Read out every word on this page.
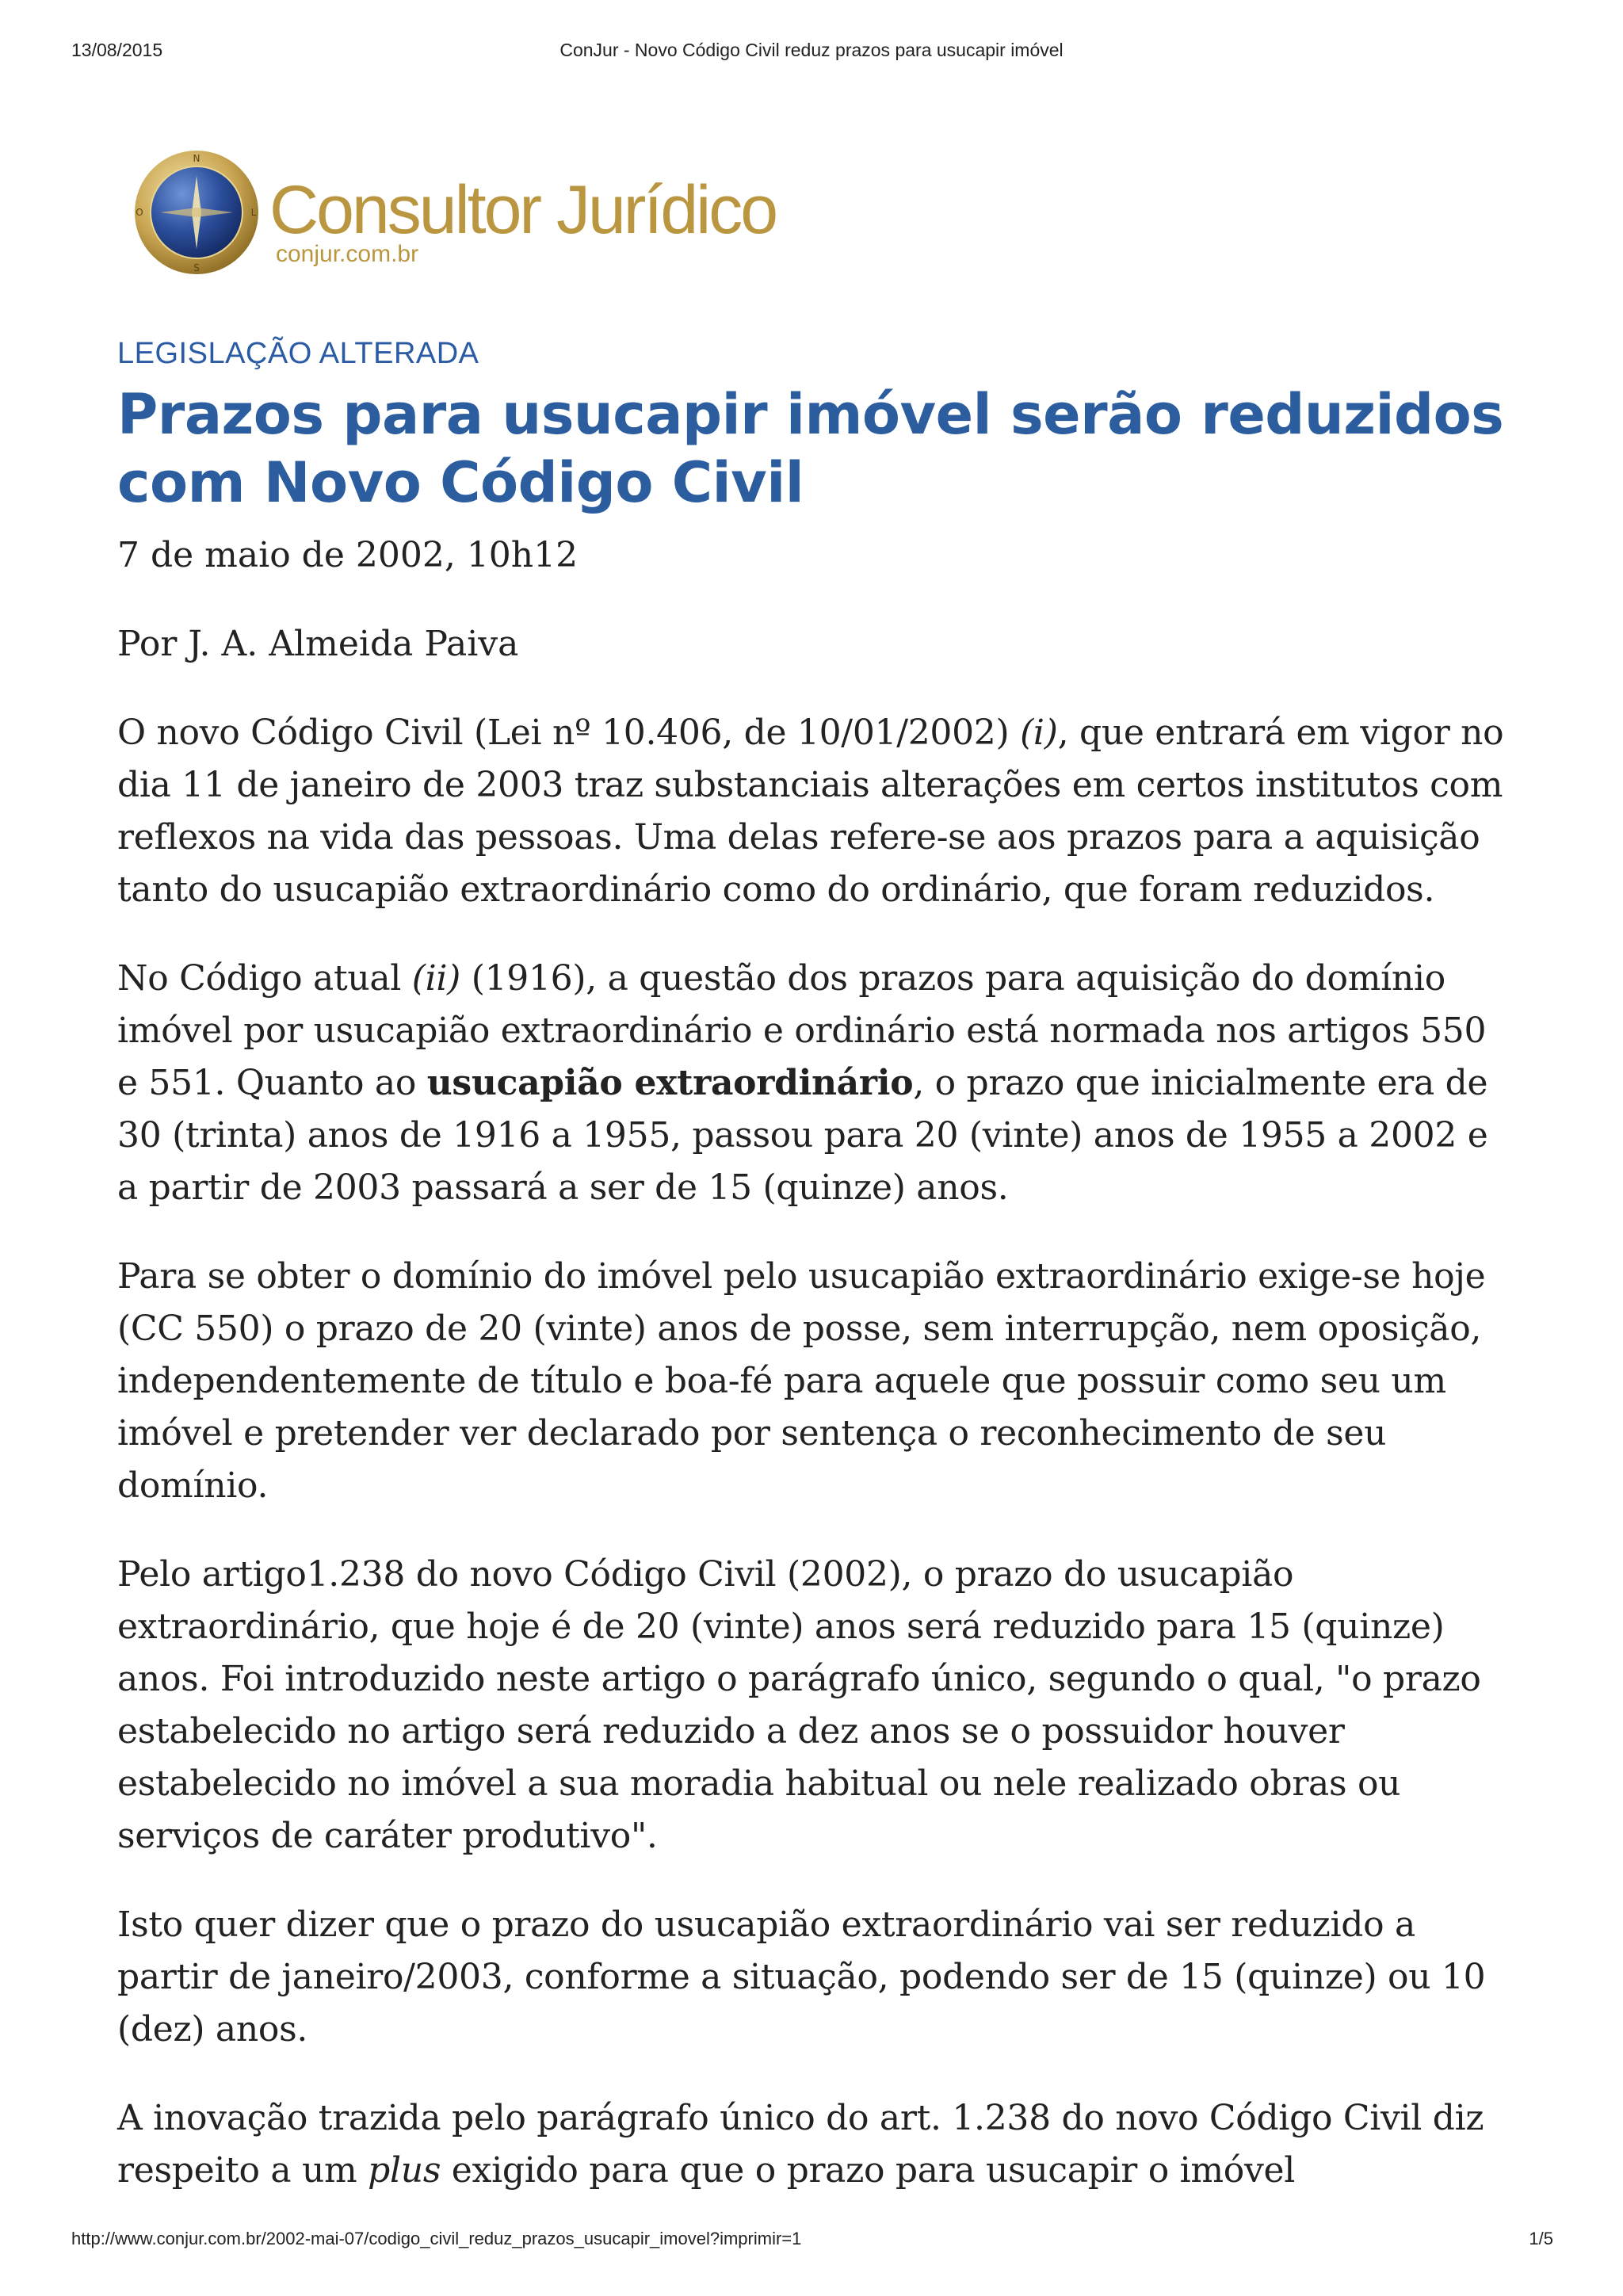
13/08/2015	ConJur - Novo Código Civil reduz prazos para usucapir imóvel
N
S
O	L Consultor Jurídico
conjur.com.br

LEGISLAÇÃO ALTERADA

Prazos para usucapir imóvel serão reduzidos com Novo Código Civil

7 de maio de 2002, 10h12

Por J. A. Almeida Paiva

O novo Código Civil (Lei nº 10.406, de 10/01/2002) (i), que entrará em vigor no dia 11 de janeiro de 2003 traz substanciais alterações em certos institutos com reflexos na vida das pessoas. Uma delas refere-se aos prazos para a aquisição tanto do usucapião extraordinário como do ordinário, que foram reduzidos.

No Código atual (ii) (1916), a questão dos prazos para aquisição do domínio imóvel por usucapião extraordinário e ordinário está normada nos artigos 550 e 551. Quanto ao usucapião extraordinário, o prazo que inicialmente era de 30 (trinta) anos de 1916 a 1955, passou para 20 (vinte) anos de 1955 a 2002 e a partir de 2003 passará a ser de 15 (quinze) anos.

Para se obter o domínio do imóvel pelo usucapião extraordinário exige-se hoje (CC 550) o prazo de 20 (vinte) anos de posse, sem interrupção, nem oposição, independentemente de título e boa-fé para aquele que possuir como seu um imóvel e pretender ver declarado por sentença o reconhecimento de seu domínio.

Pelo artigo1.238 do novo Código Civil (2002), o prazo do usucapião extraordinário, que hoje é de 20 (vinte) anos será reduzido para 15 (quinze) anos. Foi introduzido neste artigo o parágrafo único, segundo o qual, "o prazo estabelecido no artigo será reduzido a dez anos se o possuidor houver estabelecido no imóvel a sua moradia habitual ou nele realizado obras ou serviços de caráter produtivo".

Isto quer dizer que o prazo do usucapião extraordinário vai ser reduzido a partir de janeiro/2003, conforme a situação, podendo ser de 15 (quinze) ou 10 (dez) anos.

A inovação trazida pelo parágrafo único do art. 1.238 do novo Código Civil diz respeito a um plus exigido para que o prazo para usucapir o imóvel

http://www.conjur.com.br/2002-mai-07/codigo_civil_reduz_prazos_usucapir_imovel?imprimir=1	1/5
